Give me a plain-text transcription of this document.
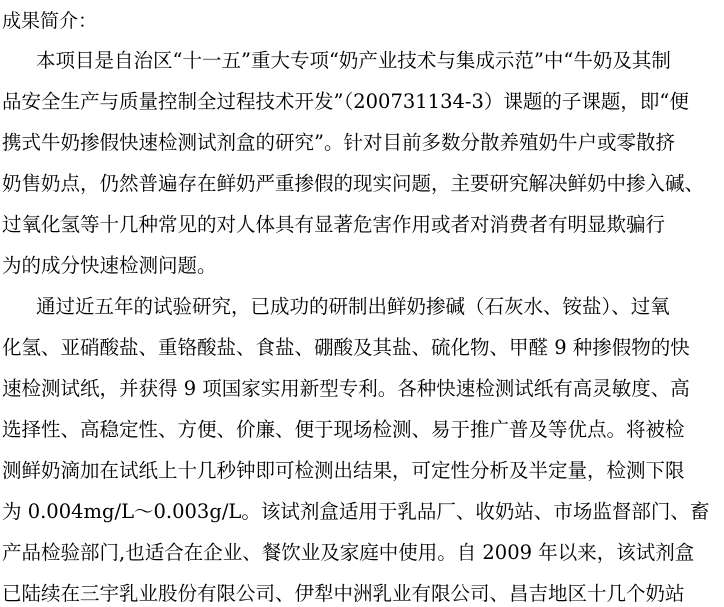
成果简介：
本项目是自治区“十一五”重大专项“奶产业技术与集成示范”中“牛奶及其制
品安全生产与质量控制全过程技术开发”（200731134-3）课题的子课题，即“便
携式牛奶掺假快速检测试剂盒的研究”。针对目前多数分散养殖奶牛户或零散挤
奶售奶点，仍然普遍存在鲜奶严重掺假的现实问题，主要研究解决鲜奶中掺入碱、
过氧化氢等十几种常见的对人体具有显著危害作用或者对消费者有明显欺骗行
为的成分快速检测问题。
通过近五年的试验研究，已成功的研制出鲜奶掺碱（石灰水、铵盐）、过氧
化氢、亚硝酸盐、重铬酸盐、食盐、硼酸及其盐、硫化物、甲醛 9 种掺假物的快
速检测试纸，并获得 9 项国家实用新型专利。各种快速检测试纸有高灵敏度、高
选择性、高稳定性、方便、价廉、便于现场检测、易于推广普及等优点。将被检
测鲜奶滴加在试纸上十几秒钟即可检测出结果，可定性分析及半定量，检测下限
为 0.004mg/L～0.003g/L。该试剂盒适用于乳品厂、收奶站、市场监督部门、畜
产品检验部门,也适合在企业、餐饮业及家庭中使用。自 2009 年以来，该试剂盒
已陆续在三宇乳业股份有限公司、伊犁中洲乳业有限公司、昌吉地区十几个奶站
